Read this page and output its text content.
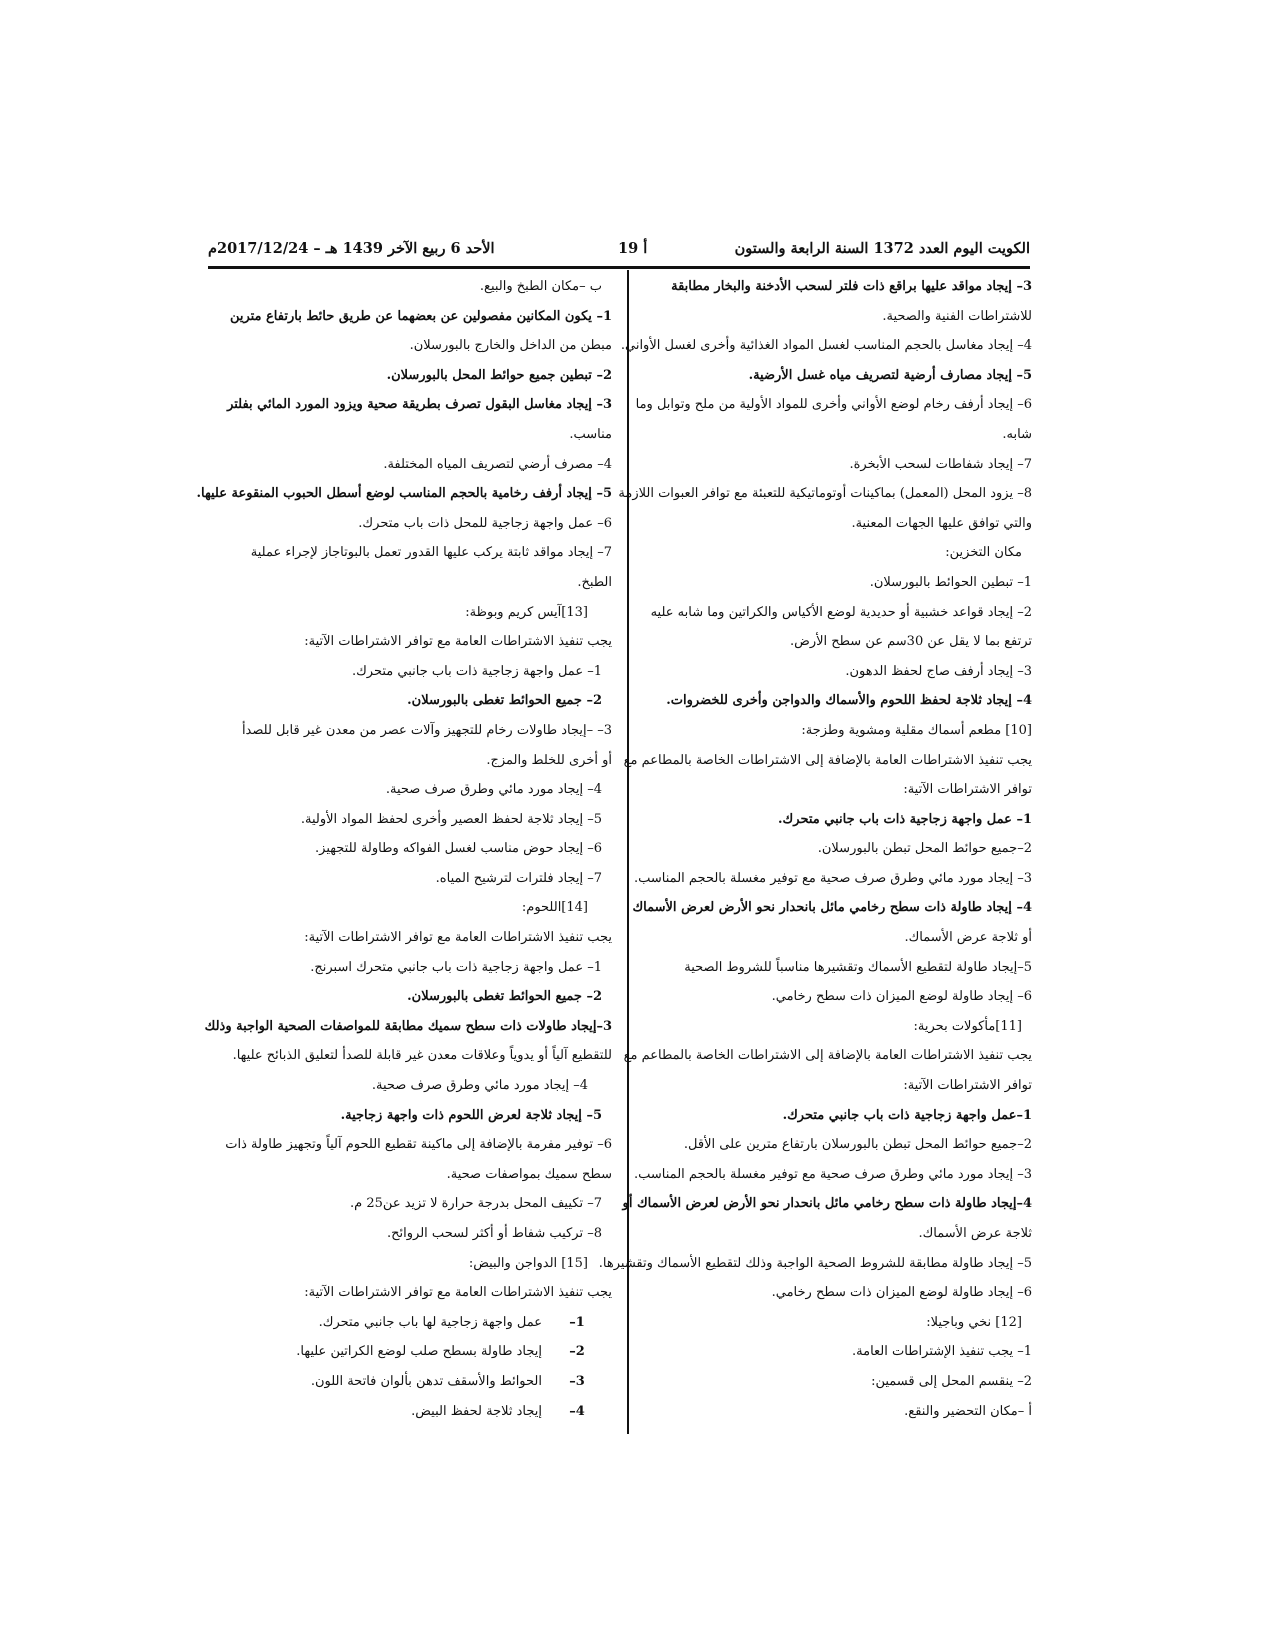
الكويت اليوم العدد 1372 السنة الرابعة والستون
19 أ
الأحد 6 ربيع الآخر 1439 هـ – 2017/12/24م
3– إيجاد مواقد عليها براقع ذات فلتر لسحب الأدخنة والبخار مطابقة
للاشتراطات الفنية والصحية.
4– إيجاد مغاسل بالحجم المناسب لغسل المواد الغذائية وأخرى لغسل الأواني.
5– إيجاد مصارف أرضية لتصريف مياه غسل الأرضية.
6– إيجاد أرفف رخام لوضع الأواني وأخرى للمواد الأولية من ملح وتوابل وما
شابه.
7– إيجاد شفاطات لسحب الأبخرة.
8– يزود المحل (المعمل) بماكينات أوتوماتيكية للتعبئة مع توافر العبوات اللازمة
والتي توافق عليها الجهات المعنية.
مكان التخزين:
1– تبطين الحوائط بالبورسلان.
2– إيجاد قواعد خشبية أو حديدية لوضع الأكياس والكراتين وما شابه عليه
ترتفع بما لا يقل عن 30سم عن سطح الأرض.
3– إيجاد أرفف صاج لحفظ الدهون.
4– إيجاد ثلاجة لحفظ اللحوم والأسماك والدواجن وأخرى للخضروات.
[10] مطعم أسماك مقلية ومشوية وطزجة:
يجب تنفيذ الاشتراطات العامة بالإضافة إلى الاشتراطات الخاصة بالمطاعم مع
توافر الاشتراطات الآتية:
1– عمل واجهة زجاجية ذات باب جانبي متحرك.
2–جميع حوائط المحل تبطن بالبورسلان.
3– إيجاد مورد مائي وطرق صرف صحية مع توفير مغسلة بالحجم المناسب.
4– إيجاد طاولة ذات سطح رخامي مائل بانحدار نحو الأرض لعرض الأسماك
أو ثلاجة عرض الأسماك.
5–إيجاد طاولة لتقطيع الأسماك وتقشيرها مناسباً للشروط الصحية
6– إيجاد طاولة لوضع الميزان ذات سطح رخامي.
[11]مأكولات بحرية:
يجب تنفيذ الاشتراطات العامة بالإضافة إلى الاشتراطات الخاصة بالمطاعم مع
توافر الاشتراطات الآتية:
1–عمل واجهة زجاجية ذات باب جانبي متحرك.
2–جميع حوائط المحل تبطن بالبورسلان بارتفاع مترين على الأقل.
3– إيجاد مورد مائي وطرق صرف صحية مع توفير مغسلة بالحجم المناسب.
4–إيجاد طاولة ذات سطح رخامي مائل بانحدار نحو الأرض لعرض الأسماك أو
ثلاجة عرض الأسماك.
5– إيجاد طاولة مطابقة للشروط الصحية الواجبة وذلك لتقطيع الأسماك وتقشيرها.
6– إيجاد طاولة لوضع الميزان ذات سطح رخامي.
[12] نخي وباجيلا:
1– يجب تنفيذ الإشتراطات العامة.
2– ينقسم المحل إلى قسمين:
أ –مكان التحضير والنقع.
ب –مكان الطبخ والبيع.
1– يكون المكانين مفصولين عن بعضهما عن طريق حائط بارتفاع مترين
مبطن من الداخل والخارج بالبورسلان.
2– تبطين جميع حوائط المحل بالبورسلان.
3– إيجاد مغاسل البقول تصرف بطريقة صحية ويزود المورد المائي بفلتر
مناسب.
4– مصرف أرضي لتصريف المياه المختلفة.
5– إيجاد أرفف رخامية بالحجم المناسب لوضع أسطل الحبوب المنقوعة عليها.
6– عمل واجهة زجاجية للمحل ذات باب متحرك.
7– إيجاد مواقد ثابتة يركب عليها القدور تعمل بالبوتاجاز لإجراء عملية
الطبخ.
[13]آيس كريم وبوظة:
يجب تنفيذ الاشتراطات العامة مع توافر الاشتراطات الآتية:
1– عمل واجهة زجاجية ذات باب جانبي متحرك.
2– جميع الحوائط تغطى بالبورسلان.
3– –إيجاد طاولات رخام للتجهيز وآلات عصر من معدن غير قابل للصدأ
أو أخرى للخلط والمزج.
4– إيجاد مورد مائي وطرق صرف صحية.
5– إيجاد ثلاجة لحفظ العصير وأخرى لحفظ المواد الأولية.
6– إيجاد حوض مناسب لغسل الفواكه وطاولة للتجهيز.
7– إيجاد فلترات لترشيح المياه.
[14]اللحوم:
يجب تنفيذ الاشتراطات العامة مع توافر الاشتراطات الآتية:
1– عمل واجهة زجاجية ذات باب جانبي متحرك اسبرنج.
2– جميع الحوائط تغطى بالبورسلان.
3–إيجاد طاولات ذات سطح سميك مطابقة للمواصفات الصحية الواجبة وذلك
للتقطيع آلياً أو يدوياً وعلاقات معدن غير قابلة للصدأ لتعليق الذبائح عليها.
4– إيجاد مورد مائي وطرق صرف صحية.
5– إيجاد ثلاجة لعرض اللحوم ذات واجهة زجاجية.
6– توفير مفرمة بالإضافة إلى ماكينة تقطيع اللحوم آلياً وتجهيز طاولة ذات
سطح سميك بمواصفات صحية.
7– تكييف المحل بدرجة حرارة لا تزيد عن25 م.
8– تركيب شفاط أو أكثر لسحب الروائح.
[15] الدواجن والبيض:
يجب تنفيذ الاشتراطات العامة مع توافر الاشتراطات الآتية:
1–
عمل واجهة زجاجية لها باب جانبي متحرك.
2–
إيجاد طاولة بسطح صلب لوضع الكراتين عليها.
3–
الحوائط والأسقف تدهن بألوان فاتحة اللون.
4–
إيجاد ثلاجة لحفظ البيض.
